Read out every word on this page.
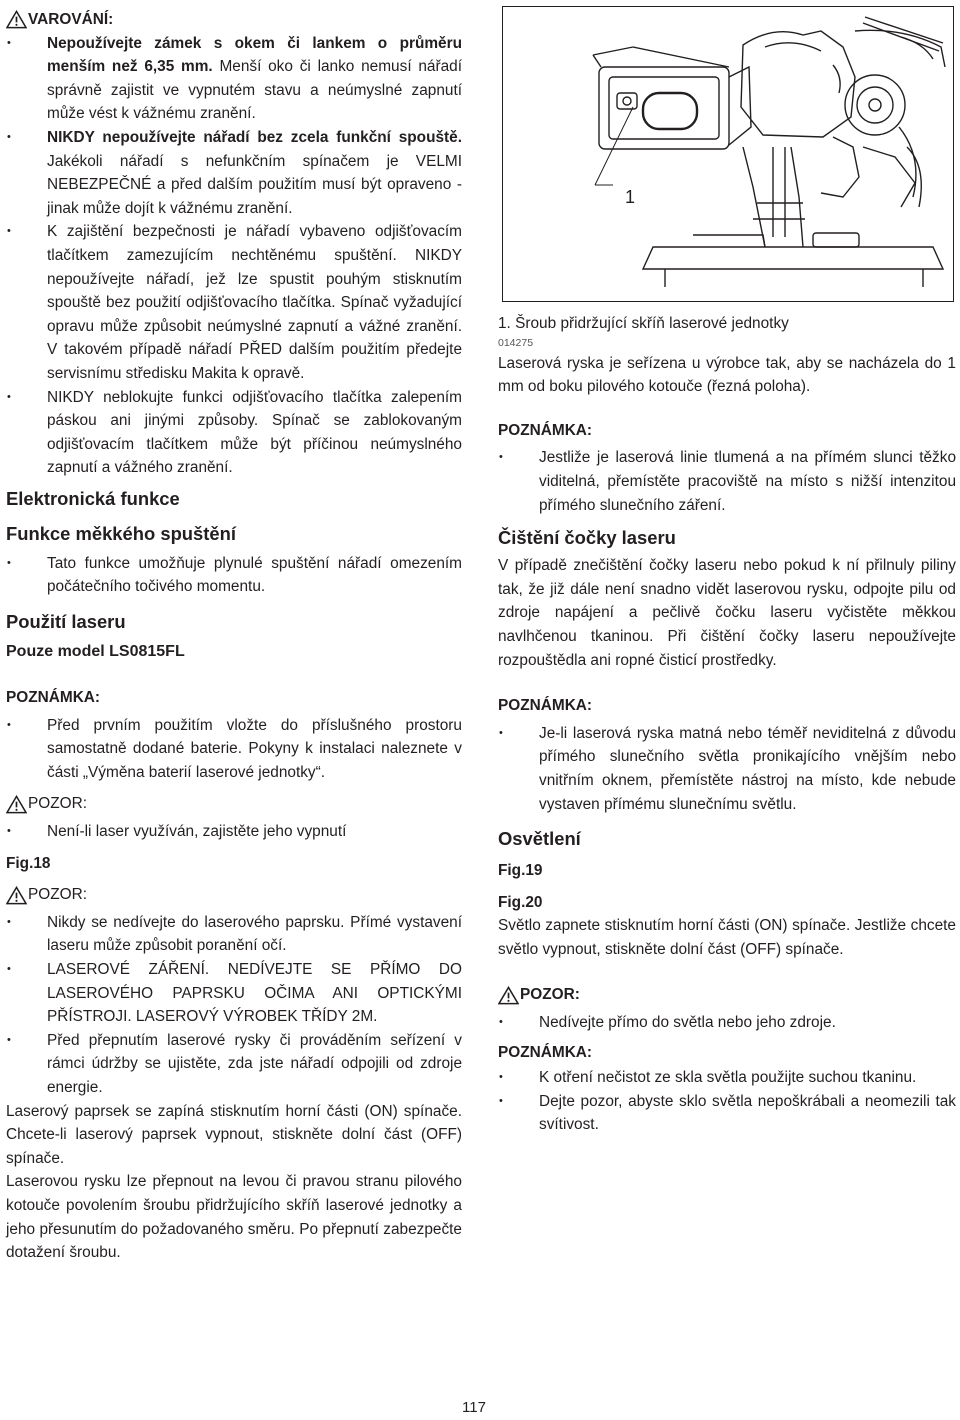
1
VAROVÁNÍ:
• Nepoužívejte zámek s okem či lankem o průměru menším než 6,35 mm. Menší oko či lanko nemusí nářadí správně zajistit ve vypnutém stavu a neúmyslné zapnutí může vést k vážnému zranění.
• NIKDY nepoužívejte nářadí bez zcela funkční spouště. Jakékoli nářadí s nefunkčním spínačem je VELMI NEBEZPEČNÉ a před dalším použitím musí být opraveno - jinak může dojít k vážnému zranění.
• K zajištění bezpečnosti je nářadí vybaveno odjišťovacím tlačítkem zamezujícím nechtěnému spuštění. NIKDY nepoužívejte nářadí, jež lze spustit pouhým stisknutím spouště bez použití odjišťovacího tlačítka. Spínač vyžadující opravu může způsobit neúmyslné zapnutí a vážné zranění. V takovém případě nářadí PŘED dalším použitím předejte servisnímu středisku Makita k opravě.
• NIKDY neblokujte funkci odjišťovacího tlačítka zalepením páskou ani jinými způsoby. Spínač se zablokovaným odjišťovacím tlačítkem může být příčinou neúmyslného zapnutí a vážného zranění.
Elektronická funkce
Funkce měkkého spuštění
• Tato funkce umožňuje plynulé spuštění nářadí omezením počátečního točivého momentu.
Použití laseru
Pouze model LS0815FL
POZNÁMKA:
• Před prvním použitím vložte do příslušného prostoru samostatně dodané baterie. Pokyny k instalaci naleznete v části „Výměna baterií laserové jednotky“.
POZOR:
• Není-li laser využíván, zajistěte jeho vypnutí
Fig.18
POZOR:
• Nikdy se nedívejte do laserového paprsku. Přímé vystavení laseru může způsobit poranění očí.
• LASEROVÉ ZÁŘENÍ. NEDÍVEJTE SE PŘÍMO DO LASEROVÉHO PAPRSKU OČIMA ANI OPTICKÝMI PŘÍSTROJI. LASEROVÝ VÝROBEK TŘÍDY 2M.
• Před přepnutím laserové rysky či prováděním seřízení v rámci údržby se ujistěte, zda jste nářadí odpojili od zdroje energie.

Laserový paprsek se zapíná stisknutím horní části (ON) spínače. Chcete-li laserový paprsek vypnout, stiskněte dolní část (OFF) spínače.

Laserovou rysku lze přepnout na levou či pravou stranu pilového kotouče povolením šroubu přidržujícího skříň laserové jednotky a jeho přesunutím do požadovaného směru. Po přepnutí zabezpečte dotažení šroubu.

1. Šroub přidržující skříň laserové jednotky
014275

Laserová ryska je seřízena u výrobce tak, aby se nacházela do 1 mm od boku pilového kotouče (řezná poloha).

POZNÁMKA:
• Jestliže je laserová linie tlumená a na přímém slunci těžko viditelná, přemístěte pracoviště na místo s nižší intenzitou přímého slunečního záření.
Čištění čočky laseru

V případě znečištění čočky laseru nebo pokud k ní přilnuly piliny tak, že již dále není snadno vidět laserovou rysku, odpojte pilu od zdroje napájení a pečlivě čočku laseru vyčistěte měkkou navlhčenou tkaninou. Při čištění čočky laseru nepoužívejte rozpouštědla ani ropné čisticí prostředky.

POZNÁMKA:
• Je-li laserová ryska matná nebo téměř neviditelná z důvodu přímého slunečního světla pronikajícího vnějším nebo vnitřním oknem, přemístěte nástroj na místo, kde nebude vystaven přímému slunečnímu světlu.
Osvětlení
Fig.19
Fig.20

Světlo zapnete stisknutím horní části (ON) spínače. Jestliže chcete světlo vypnout, stiskněte dolní část (OFF) spínače.

POZOR:
• Nedívejte přímo do světla nebo jeho zdroje.
POZNÁMKA:
• K otření nečistot ze skla světla použijte suchou tkaninu.
• Dejte pozor, abyste sklo světla nepoškrábali a neomezili tak svítivost.
117
